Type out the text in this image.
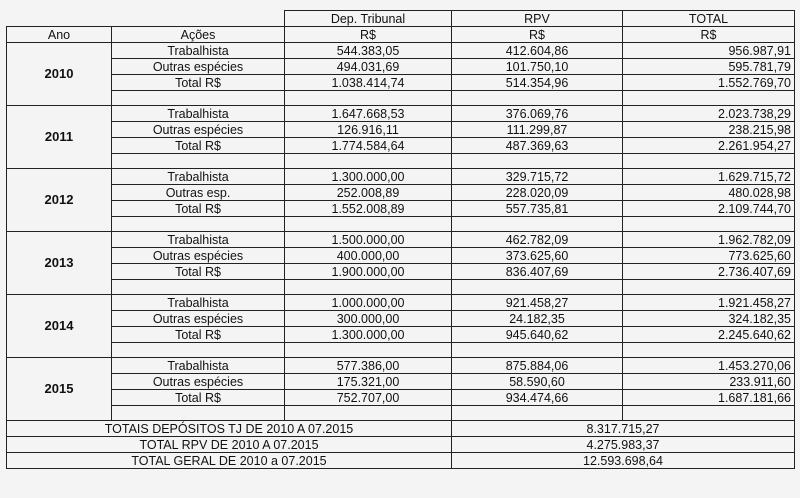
		Dep. Tribunal	RPV	TOTAL
Ano	Ações	R$	R$	R$
2010	Trabalhista	544.383,05	412.604,86	956.987,91
	Outras espécies	494.031,69	101.750,10	595.781,79
	Total R$	1.038.414,74	514.354,96	1.552.769,70

2011	Trabalhista	1.647.668,53	376.069,76	2.023.738,29
	Outras espécies	126.916,11	111.299,87	238.215,98
	Total R$	1.774.584,64	487.369,63	2.261.954,27

2012	Trabalhista	1.300.000,00	329.715,72	1.629.715,72
	Outras esp.	252.008,89	228.020,09	480.028,98
	Total R$	1.552.008,89	557.735,81	2.109.744,70

2013	Trabalhista	1.500.000,00	462.782,09	1.962.782,09
	Outras espécies	400.000,00	373.625,60	773.625,60
	Total R$	1.900.000,00	836.407,69	2.736.407,69

2014	Trabalhista	1.000.000,00	921.458,27	1.921.458,27
	Outras espécies	300.000,00	24.182,35	324.182,35
	Total R$	1.300.000,00	945.640,62	2.245.640,62

2015	Trabalhista	577.386,00	875.884,06	1.453.270,06
	Outras espécies	175.321,00	58.590,60	233.911,60
	Total R$	752.707,00	934.474,66	1.687.181,66

TOTAIS DEPÓSITOS TJ DE 2010 A 07.2015			8.317.715,27	
TOTAL RPV DE 2010 A 07.2015			4.275.983,37	
TOTAL GERAL DE 2010 a 07.2015			12.593.698,64	
